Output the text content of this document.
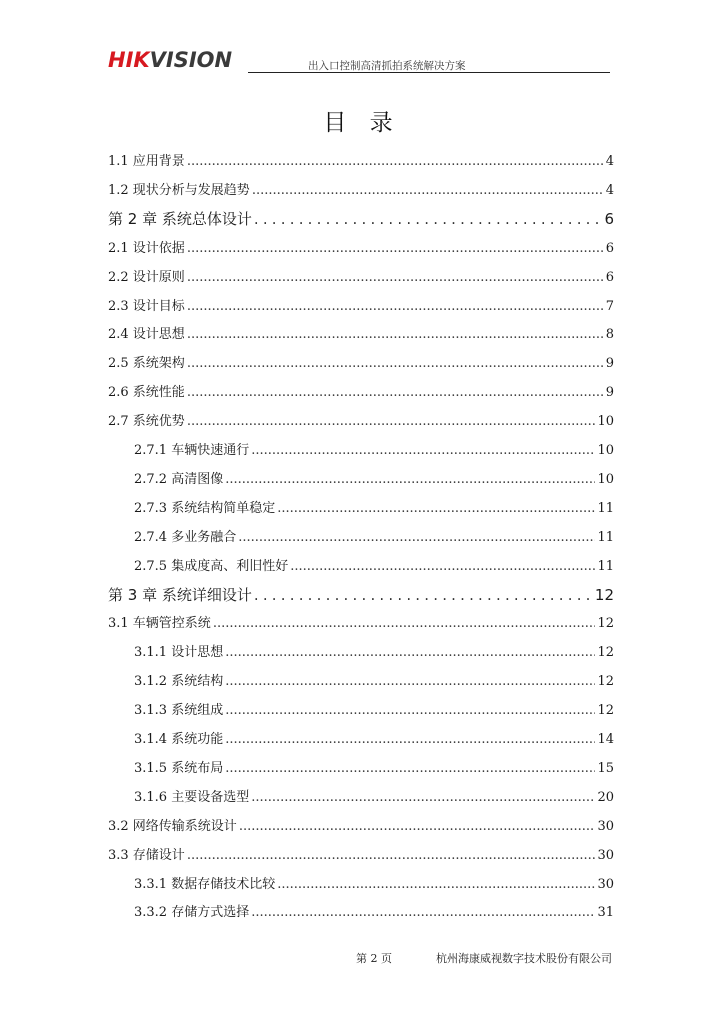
HIKVISION	出入口控制高清抓拍系统解决方案
目 录
1.1 应用背景 .....	4
1.2 现状分析与发展趋势 .....	4
第 2 章 系统总体设计 .....	6
2.1 设计依据 .....	6
2.2 设计原则 .....	6
2.3 设计目标 .....	7
2.4 设计思想 .....	8
2.5 系统架构 .....	9
2.6 系统性能 .....	9
2.7 系统优势 .....	10
2.7.1 车辆快速通行 .....	10
2.7.2 高清图像 .....	10
2.7.3 系统结构简单稳定 .....	11
2.7.4 多业务融合 .....	11
2.7.5 集成度高、利旧性好 .....	11
第 3 章 系统详细设计 .....	12
3.1 车辆管控系统 .....	12
3.1.1 设计思想 .....	12
3.1.2 系统结构 .....	12
3.1.3 系统组成 .....	12
3.1.4 系统功能 .....	14
3.1.5 系统布局 .....	15
3.1.6 主要设备选型 .....	20
3.2 网络传输系统设计 .....	30
3.3 存储设计 .....	30
3.3.1 数据存储技术比较 .....	30
3.3.2 存储方式选择 .....	31
第 2 页	杭州海康威视数字技术股份有限公司
